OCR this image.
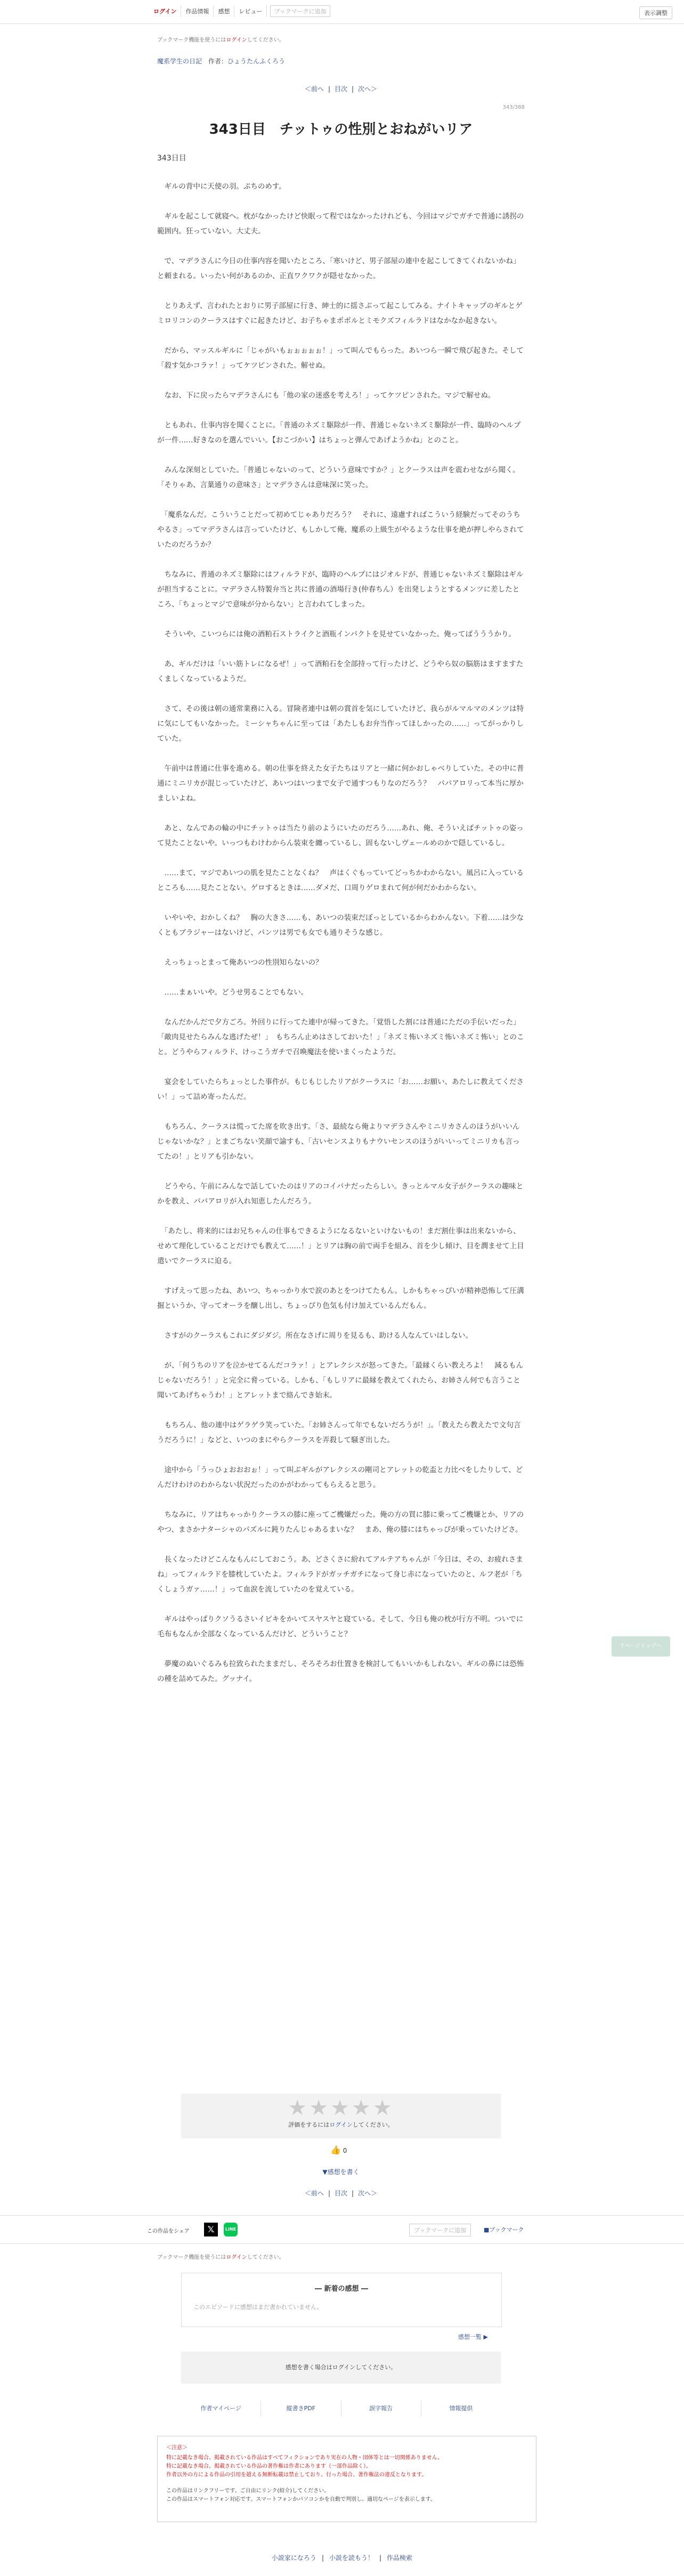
ログイン	作品情報	感想	レビュー	ブックマークに追加	表示調整
ブックマーク機能を使うにはログインしてください。
魔系学生の日記　 作者：ひょうたんふくろう
＜前へ | 目次 | 次へ＞
343/388
343日目　チットゥの性別とおねがいリア
343日目
　ギルの背中に天使の羽。ぷちのめす。
　ギルを起こして就寝へ。枕がなかったけど快眠って程ではなかったけれども、今回はマジでガチで普通に誘拐の範囲内。狂っていない。大丈夫。
　で、マデラさんに今日の仕事内容を聞いたところ、「寒いけど、男子部屋の連中を起こしてきてくれないかね」と頼まれる。いったい何があるのか、正直ワクワクが隠せなかった。
　とりあえず、言われたとおりに男子部屋に行き、紳士的に揺さぶって起こしてみる。ナイトキャップのギルとゲミロリコンのクーラスはすぐに起きたけど、お子ちゃまポポルとミモクズフィルラドはなかなか起きない。
　だから、マッスルギルに「じゃがいもぉぉぉぉぉ！」って叫んでもらった。あいつら一瞬で飛び起きた。そして「殺す気かコラァ！」ってケツピンされた。解せぬ。
　なお、下に戻ったらマデラさんにも「他の家の迷惑を考えろ！」ってケツピンされた。マジで解せぬ。
　ともあれ、仕事内容を聞くことに。「普通のネズミ駆除が一件、普通じゃないネズミ駆除が一件、臨時のヘルプが一件……好きなのを選んでいい。【おこづかい】はちょっと弾んであげようかね」とのこと。
　みんな深刻としていた。「普通じゃないのって、どういう意味ですか？」とクーラスは声を震わせながら聞く。「そりゃあ、言葉通りの意味さ」とマデラさんは意味深に笑った。
　「魔系なんだ。こういうことだって初めてじゃありだろう？　それに、遠慮すればこういう経験だってそのうちやるさ」ってマデラさんは言っていたけど、もしかして俺、魔系の上級生がやるような仕事を絶が押しやらされていたのだろうか？
　ちなみに、普通のネズミ駆除にはフィルラドが、臨時のヘルプにはジオルドが、普通じゃないネズミ駆除はギルが担当することに。マデラさん特製弁当と共に普通の酒場行き(仲春ちん）を出発しようとするメンツに差したところ、「ちょっとマジで意味が分からない」と言われてしまった。
　そういや、こいつらには俺の酒粕石ストライクと酒瓶インパクトを見せていなかった。俺ってばうううかり。
　あ、ギルだけは「いい筋トレになるぜ！」って酒粕石を全部持って行ったけど、どうやら奴の脳筋はますますたくましくなっているようだ。
　さて、その後は朝の通常業務に入る。冒険者連中は朝の賞首を気にしていたけど、我らがルマルマのメンツは特に気にしてもいなかった。ミーシャちゃんに至っては「あたしもお弁当作ってほしかったの……」ってがっかりしていた。
　午前中は普通に仕事を進める。朝の仕事を終えた女子たちはリアと一緒に何かおしゃべりしていた。その中に普通にミニリカが混じっていたけど、あいつはいつまで女子で通すつもりなのだろう？　パパアロリって本当に厚かましいよね。
　あと、なんであの輪の中にチットゥは当たり前のようにいたのだろう……あれ、俺、そういえばチットゥの姿って見たことないや。いっつもわけわからん装束を纏っているし、固もないしヴェールめのかで隠しているし。
　……まて、マジであいつの肌を見たことなくね？　声はくぐもっていてどっちかわからない。風呂に入っているところも……見たことない。ゲロするときは……ダメだ、口周りゲロまれて何が何だかわからない。
　いやいや、おかしくね？　胸の大きさ……も、あいつの装束だぼっとしているからわかんない。下着……は少なくともブラジャーはないけど、パンツは男でも女でも通りそうな感じ。
　えっちょっとまって俺あいつの性別知らないの？
　……まぁいいや。どうせ男ることでもない。
　なんだかんだで夕方ごろ。外回りに行ってた連中が帰ってきた。「覚悟した割には普通にただの手伝いだった」「敵肉見せたらみんな逃げたぜ！」　もちろん止めはさしておいた！」「ネズミ怖いネズミ怖いネズミ怖い」とのこと。どうやらフィルラド、けっこうガチで召喚魔法を使いまくったようだ。
　宴会をしていたらちょっとした事件が。もじもじしたリアがクーラスに「お……お願い、あたしに教えてください！」って詰め寄ったんだ。
　もちろん、クーラスは慌ってた席を吹き出す。「さ、最続なら俺よりマデラさんやミニリカさんのほうがいいんじゃないかな？」とまごちない笑顔で諭すも、「古いセンスよりもナウいセンスのほうがいいってミニリカも言ってたの！」とリアも引かない。
　どうやら、午前にみんなで話していたのはリアのコイバナだったらしい。きっとルマル女子がクーラスの趣味とかを教え、パパアロリが入れ知恵したんだろう。
　「あたし、将来的にはお兄ちゃんの仕事もできるようになるないといけないもの！まだ割仕事は出来ないから、せめて理化していることだけでも教えて……！」とリアは胸の前で両手を組み、首を少し傾け、目を潤ませて上目遣いでクーラスに迫る。
　すげえって思ったね、あいつ、ちゃっかり水で涙のあとをつけてたもん。しかもちゃっぴいが精神恐怖して圧溝掘というか、守ってオーラを醸し出し、ちょっぴり色気も付け加えているんだもん。
　さすがのクーラスもこれにダジダジ。所在なさげに周りを見るも、助ける人なんていはしない。
　が、「何うちのリアを泣かせてるんだコラァ！」とアレクシスが怒ってきた。「最縁くらい教えろよ！　減るもんじゃないだろう！」と完全に脅っている。しかも、「もしリアに最縁を教えてくれたら、お姉さん何でも言うこと聞いてあげちゃうわ！」とアレットまで絡んでき始末。
　もちろん、他の連中はゲラゲラ笑っていた。「お姉さんって年でもないだろうが！」。「教えたら教えたで文句言うだろうに！」などと、いつのまにやらクーラスを弄殺して騒ぎ出した。
　途中から「うっひょおおおぉ！」って叫ぶギルがアレクシスの剛司とアレットの乾盃と力比べをしたりして、どんだけわけのわからない状況だったのかがわかってもらえると思う。
　ちなみに、リアはちゃっかりクーラスの膝に座ってご機嫌だった。俺の方の買に膝に乗ってご機嫌とか、リアのやつ、まさかナターシャのパズルに鈍りたんじゃあるまいな？　まあ、俺の膝にはちゃっぴが乗っていたけどさ。
　長くなったけどこんなもんにしておこう。あ、どさくさに紛れてアルテアちゃんが「今日は、その、お疲れさまね」ってフィルラドを膝枕していたよ。フィルラドがガッチガチになって身じ赤になっていたのと、ルフ老が「ちくしょうガァ……！」って血涙を流していたのを覚えている。
　ギルはやっぱりクソうるさいイビキをかいてスヤスヤと寝ている。そして、今日も俺の枕が行方不明。ついでに毛布もなんか全部なくなっているんだけど、どういうこと？
　夢魔のぬいぐるみも拉致られたままだし、そろそろお仕置きを検討してもいいかもしれない。ギルの鼻には恐怖の種を詰めてみた。グッナイ。
★★★★★
評価をするにはログインしてください。
👍 0
▼感想を書く
＜前へ | 目次 | 次へ＞
この作品をシェア	𝕏	LINE	ブックマークに追加	■ブックマーク
ブックマーク機能を使うにはログインしてください。
― 新着の感想 ―
このエピソードに感想はまだ書かれていません。
感想一覧 ▶
感想を書く場合はログインしてください。
作者マイページ	縦書きPDF	誤字報告	情報提供
＜注意＞
特に記載なき場合、掲載されている作品はすべてフィクションであり実在の人物・団体等とは一切関係ありません。
特に記載なき場合、掲載されている作品の著作権は作者にあります（一部作品除く）。
作者以外の方による作品の引用を超える無断転載は禁止しており、行った場合、著作権法の違反となります。
この作品はリンクフリーです。ご自由にリンク(紹介)してください。
この作品はスマートフォン対応です。スマートフォンかパソコンかを自動で判別し、適切なページを表示します。
小説家になろう | 小説を読もう！ | 作品検索
↑ページトップへ
